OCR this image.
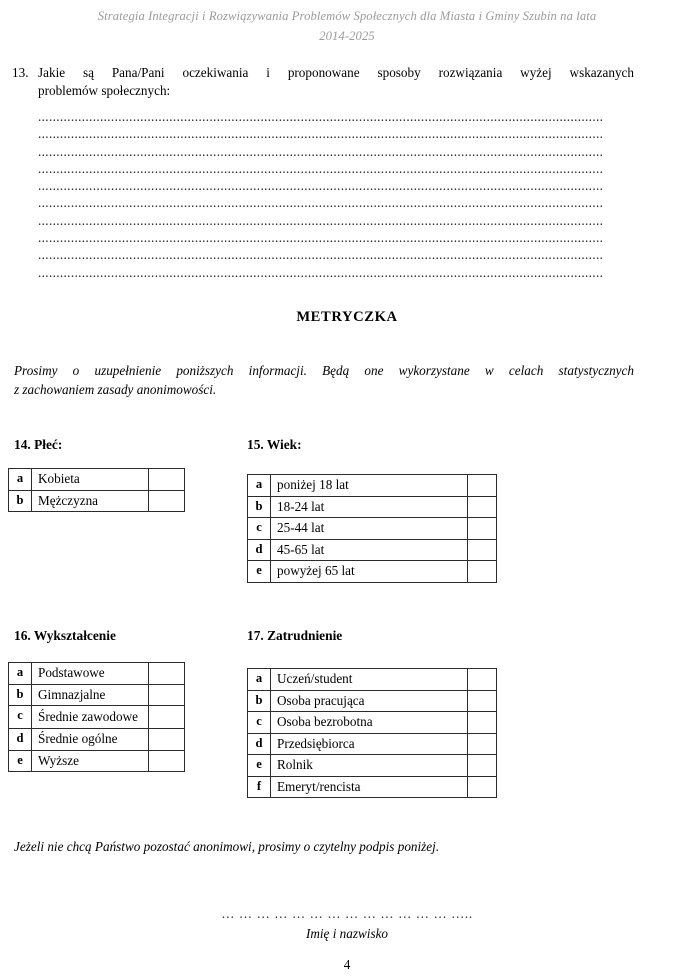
Strategia Integracji i Rozwiązywania Problemów Społecznych dla Miasta i Gminy Szubin na lata
2014-2025
13. Jakie są Pana/Pani oczekiwania i proponowane sposoby rozwiązania wyżej wskazanych
problemów społecznych:
...........................................................................................................................................................
...........................................................................................................................................................
...........................................................................................................................................................
...........................................................................................................................................................
...........................................................................................................................................................
...........................................................................................................................................................
...........................................................................................................................................................
...........................................................................................................................................................
...........................................................................................................................................................
...........................................................................................................................................................
METRYCZKA
Prosimy o uzupełnienie poniższych informacji. Będą one wykorzystane w celach statystycznych
z zachowaniem zasady anonimowości.
14. Płeć:	15. Wiek:
16. Wykształcenie	17. Zatrudnienie
a	Kobieta	
b	Mężczyzna	
a	poniżej 18 lat	
b	18-24 lat	
c	25-44 lat	
d	45-65 lat	
e	powyżej 65 lat	
a	Podstawowe	
b	Gimnazjalne	
c	Średnie zawodowe	
d	Średnie ogólne	
e	Wyższe	
a	Uczeń/student	
b	Osoba pracująca	
c	Osoba bezrobotna	
d	Przedsiębiorca	
e	Rolnik	
f	Emeryt/rencista	
Jeżeli nie chcą Państwo pozostać anonimowi, prosimy o czytelny podpis poniżej.
… … … … … … … … … … … … … …..
Imię i nazwisko
4
